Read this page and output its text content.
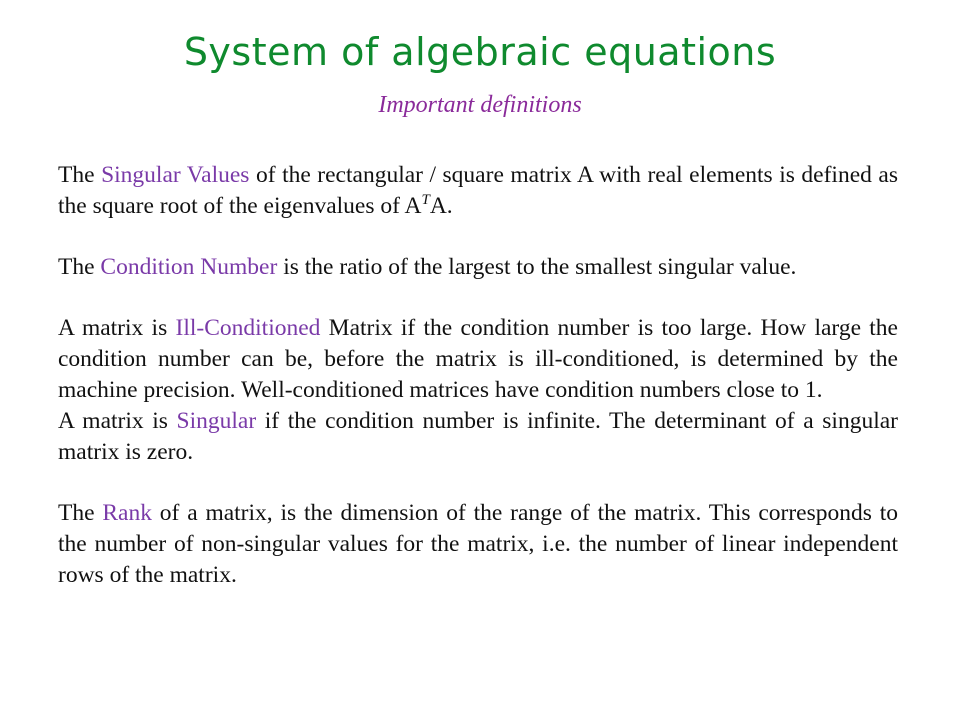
System of algebraic equations
Important definitions

The Singular Values of the rectangular / square matrix A with real elements is defined as the square root of the eigenvalues of $A^TA$.

The Condition Number is the ratio of the largest to the smallest singular value.

A matrix is Ill-Conditioned Matrix if the condition number is too large. How large the condition number can be, before the matrix is ill-conditioned, is determined by the machine precision. Well-conditioned matrices have condition numbers close to 1.

A matrix is Singular if the condition number is infinite. The determinant of a singular matrix is zero.

The Rank of a matrix, is the dimension of the range of the matrix. This corresponds to the number of non-singular values for the matrix, i.e. the number of linear independent rows of the matrix.
